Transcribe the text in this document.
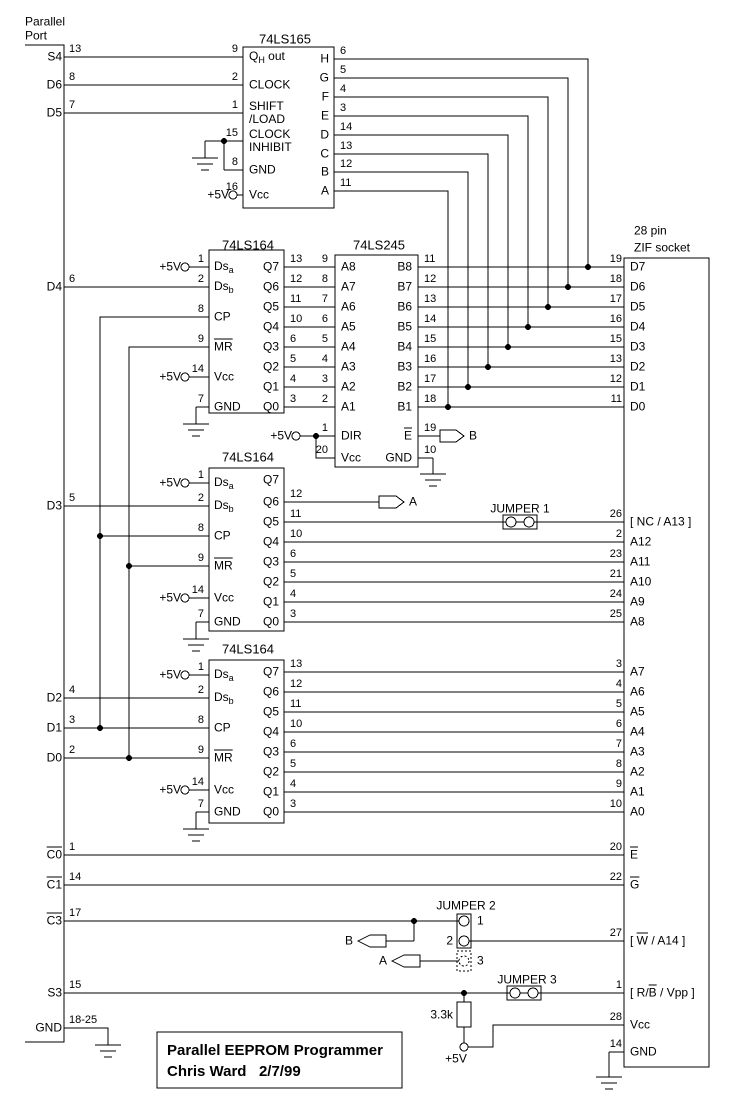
13
S4
8
D6
7
D5
6
D4
5
D3
4
D2
3
D1
2
D0
1
C0
14
C1
17
C3
15
S3
18-25
GND
9 $Q_H$ out
2
CLOCK
1 SHIFT
/LOAD
15 CLOCK
INHIBIT
8
GND
16
Vcc
H
6
G
5
F
4
E
3
D
14
C
13
B
12
A
11
1 $Ds_a$
2 $Ds_b$
8
CP
9
$\overline{MR}$
14
Vcc
7
GND
Q7
13
Q6
12
Q5
11
Q4
10
Q3
6
Q2
5
Q1
4
Q0
3
9
A8
8
A7
7
A6
6
A5
5
A4
4
A3
3
A2
2
A1
1
DIR
20
Vcc
B8
11
B7
12
B6
13
B5
14
B4
15
B3
16
B2
17
B1
18
$\overline{E}$
19
GND
10
1 $Ds_a$
2 $Ds_b$
8
CP
9
$\overline{MR}$
14
Vcc
7
GND
Q7
Q6
12
Q5
11
Q4
10
Q3
6
Q2
5
Q1
4
Q0
3
1 $Ds_a$
2 $Ds_b$
8
CP
9
$\overline{MR}$
14
Vcc
7
GND
Q7
13
Q6
12
Q5
11
Q4
10
Q3
6
Q2
5
Q1
4
Q0
3
19
D7
18
D6
17
D5
16
D4
15
D3
13
D2
12
D1
11
D0
26
[ NC / A13 ]
2
A12
23
A11
21
A10
24
A9
25
A8
3
A7
4
A6
5
A5
6
A4
7
A3
8
A2
9
A1
10
A0
20
$\overline{E}$
22
$\overline{G}$
27
[ $\overline{W} / A14$ ]
1
[ $R/\overline{B}$ / Vpp ]
28
Vcc
14
GND
Parallel
Port	74LS165
74LS164	74LS245
74LS164
74LS164
28 pin
ZIF socket
+5V
+5V
+5V
+5V
+5V
+5V
+5V
+5V
+5V
3.3k
JUMPER 1
JUMPER 2
JUMPER 3
1
2
3
B
A
B
A
Parallel EEPROM Programmer
Chris Ward   2/7/99
